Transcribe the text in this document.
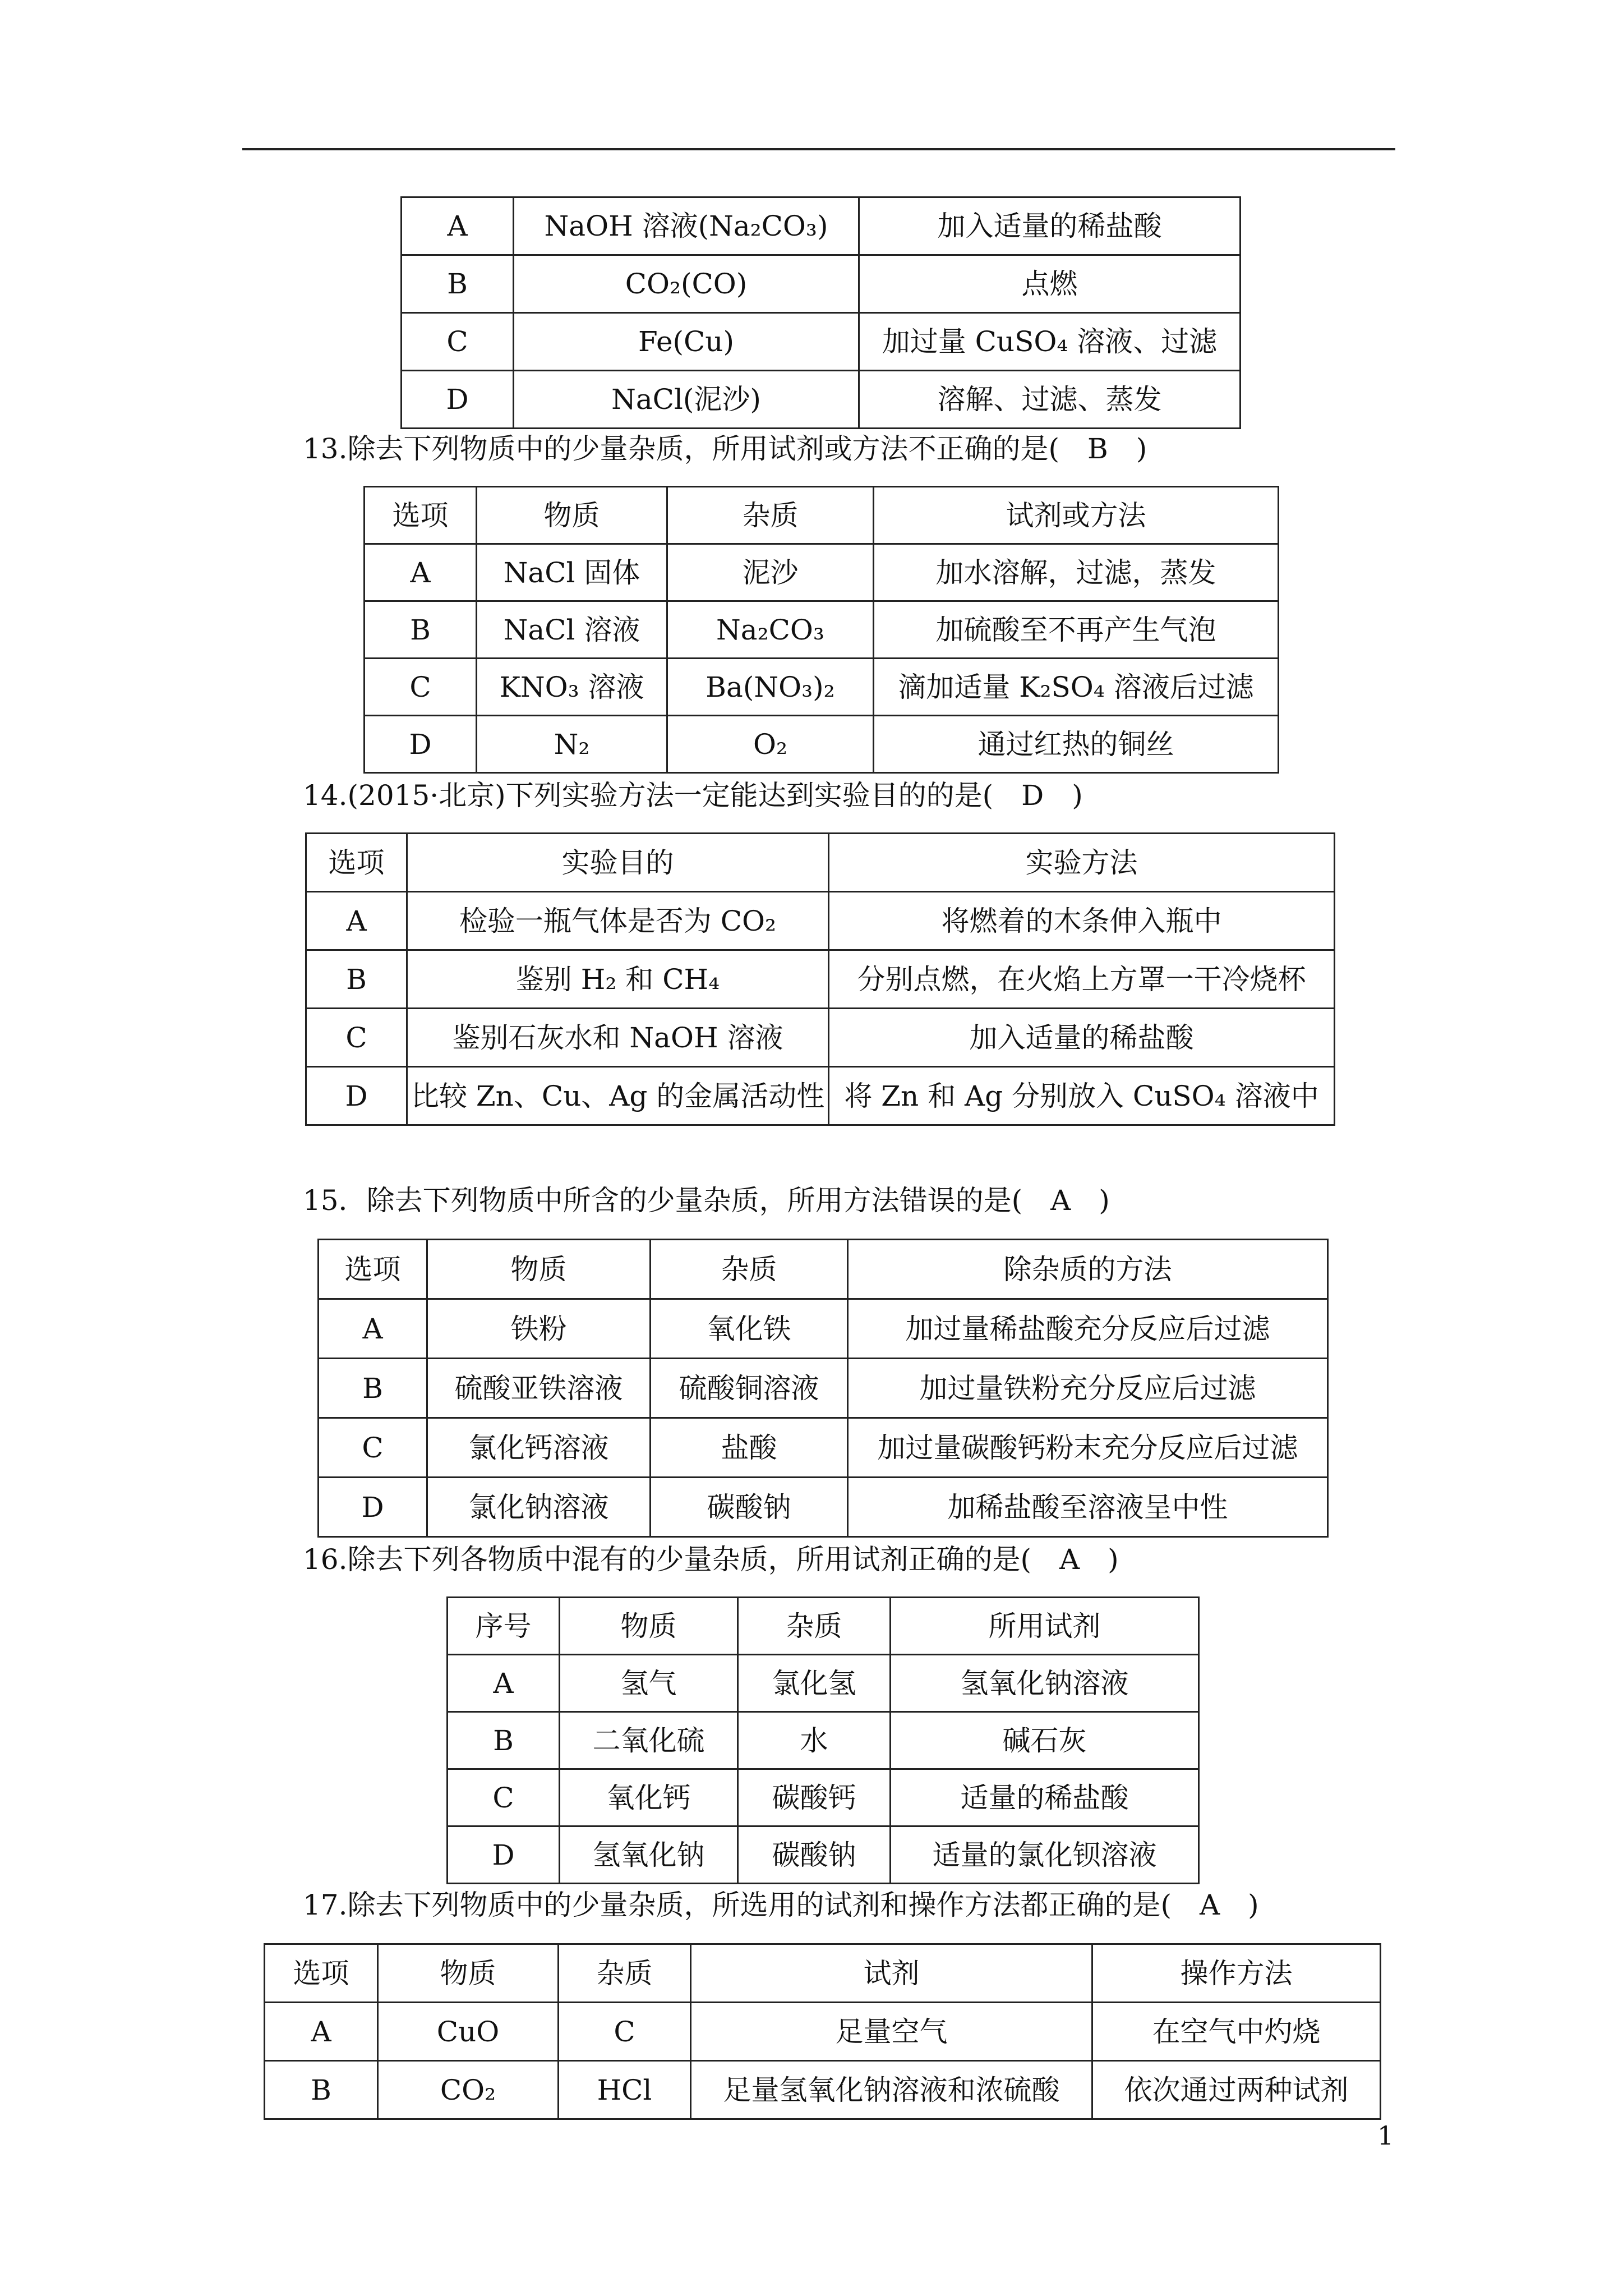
A	NaOH 溶液(Na₂CO₃)	加入适量的稀盐酸
B	CO₂(CO)	点燃
C	Fe(Cu)	加过量 CuSO₄ 溶液、过滤
D	NaCl(泥沙)	溶解、过滤、蒸发
13.除去下列物质中的少量杂质，所用试剂或方法不正确的是(　B　)
选项	物质	杂质	试剂或方法
A	NaCl 固体	泥沙	加水溶解，过滤，蒸发
B	NaCl 溶液	Na₂CO₃	加硫酸至不再产生气泡
C	KNO₃ 溶液	Ba(NO₃)₂	滴加适量 K₂SO₄ 溶液后过滤
D	N₂	O₂	通过红热的铜丝
14.(2015·北京)下列实验方法一定能达到实验目的的是(　D　)
选项	实验目的	实验方法
A	检验一瓶气体是否为 CO₂	将燃着的木条伸入瓶中
B	鉴别 H₂ 和 CH₄	分别点燃，在火焰上方罩一干冷烧杯
C	鉴别石灰水和 NaOH 溶液	加入适量的稀盐酸
D	比较 Zn、Cu、Ag 的金属活动性	将 Zn 和 Ag 分别放入 CuSO₄ 溶液中
15．除去下列物质中所含的少量杂质，所用方法错误的是(　A　)
选项	物质	杂质	除杂质的方法
A	铁粉	氧化铁	加过量稀盐酸充分反应后过滤
B	硫酸亚铁溶液	硫酸铜溶液	加过量铁粉充分反应后过滤
C	氯化钙溶液	盐酸	加过量碳酸钙粉末充分反应后过滤
D	氯化钠溶液	碳酸钠	加稀盐酸至溶液呈中性
16.除去下列各物质中混有的少量杂质，所用试剂正确的是(　A　)
序号	物质	杂质	所用试剂
A	氢气	氯化氢	氢氧化钠溶液
B	二氧化硫	水	碱石灰
C	氧化钙	碳酸钙	适量的稀盐酸
D	氢氧化钠	碳酸钠	适量的氯化钡溶液
17.除去下列物质中的少量杂质，所选用的试剂和操作方法都正确的是(　A　)
选项	物质	杂质	试剂	操作方法
A	CuO	C	足量空气	在空气中灼烧
B	CO₂	HCl	足量氢氧化钠溶液和浓硫酸	依次通过两种试剂
1
